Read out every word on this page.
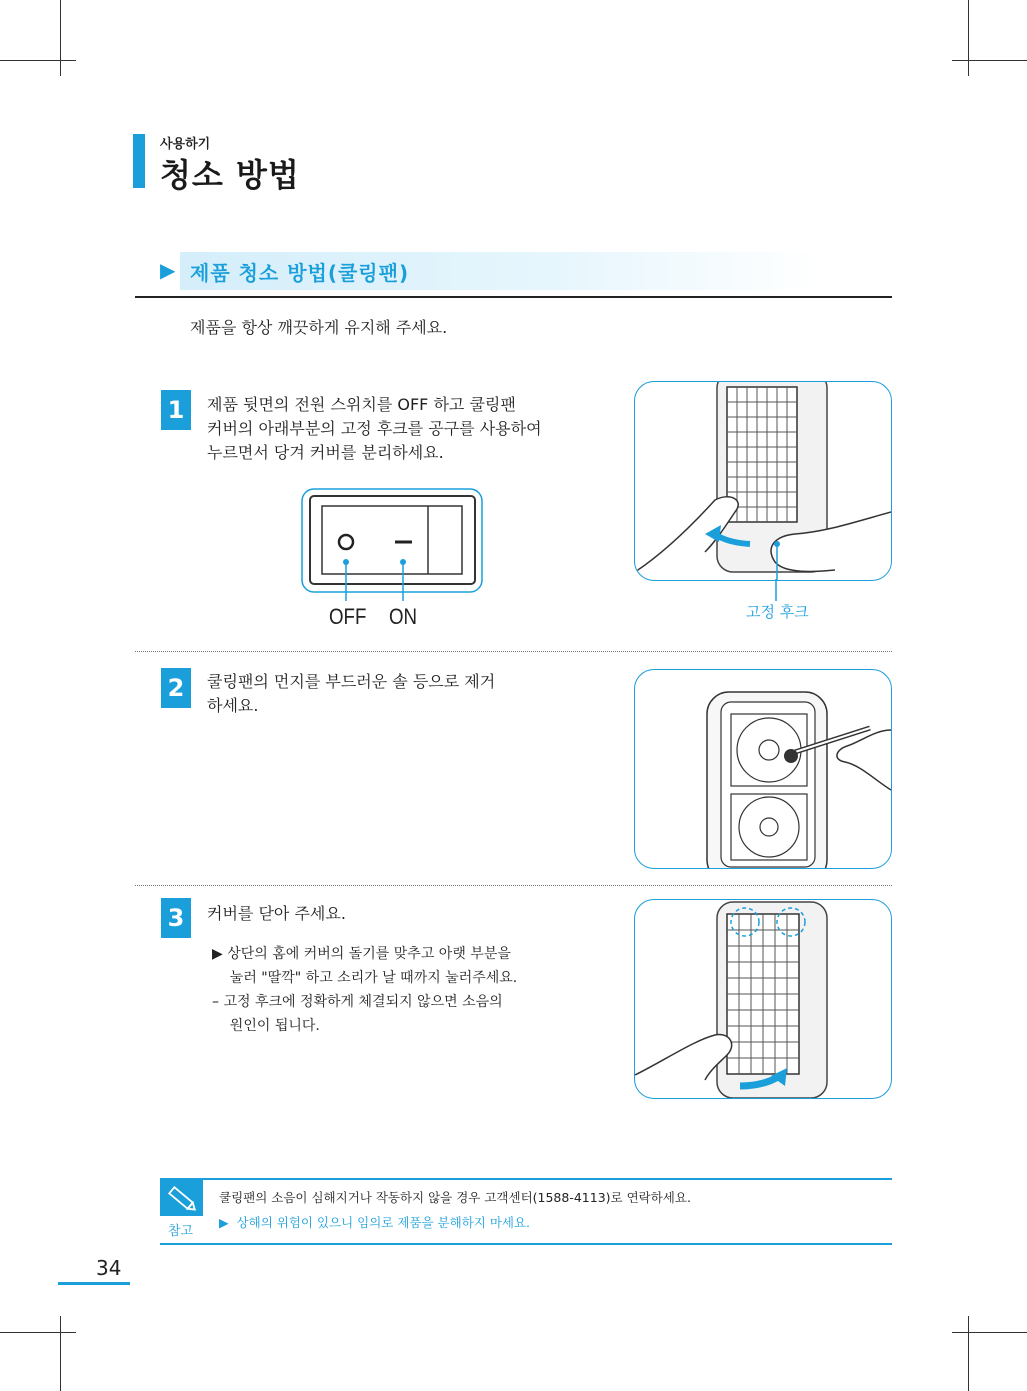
사용하기
청소 방법
▶ 제품 청소 방법(쿨링팬)
제품을 항상 깨끗하게 유지해 주세요.
1	제품 뒷면의 전원 스위치를 OFF 하고 쿨링팬
커버의 아래부분의 고정 후크를 공구를 사용하여
누르면서 당겨 커버를 분리하세요.
OFF ON	고정 후크
2	쿨링팬의 먼지를 부드러운 솔 등으로 제거
하세요.
3	커버를 닫아 주세요.
▶ 상단의 홈에 커버의 돌기를 맞추고 아랫 부분을
눌러 "딸깍" 하고 소리가 날 때까지 눌러주세요.
– 고정 후크에 정확하게 체결되지 않으면 소음의
원인이 됩니다.
참고
쿨링팬의 소음이 심해지거나 작동하지 않을 경우 고객센터(1588-4113)로 연락하세요.
▶  상해의 위험이 있으니 임의로 제품을 분해하지 마세요.
34
